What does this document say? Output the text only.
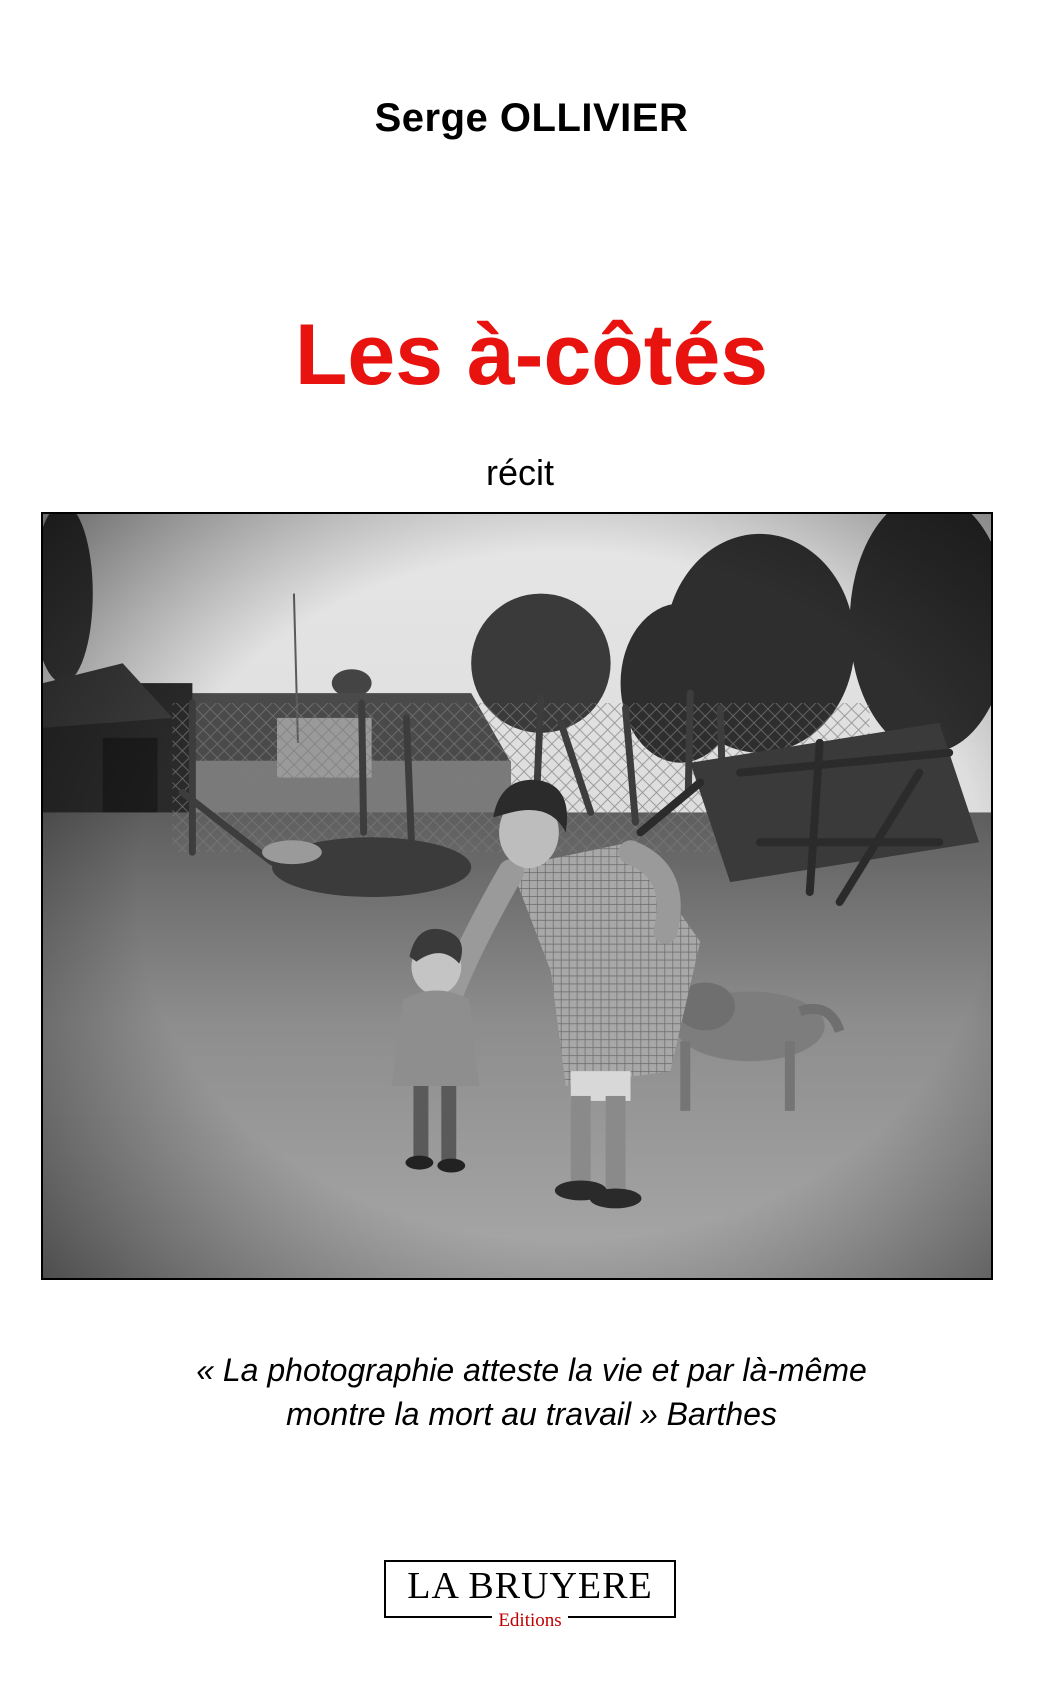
Serge OLLIVIER
Les à-côtés
récit
« La photographie atteste la vie et par là-même
montre la mort au travail » Barthes
LA BRUYERE
Editions
